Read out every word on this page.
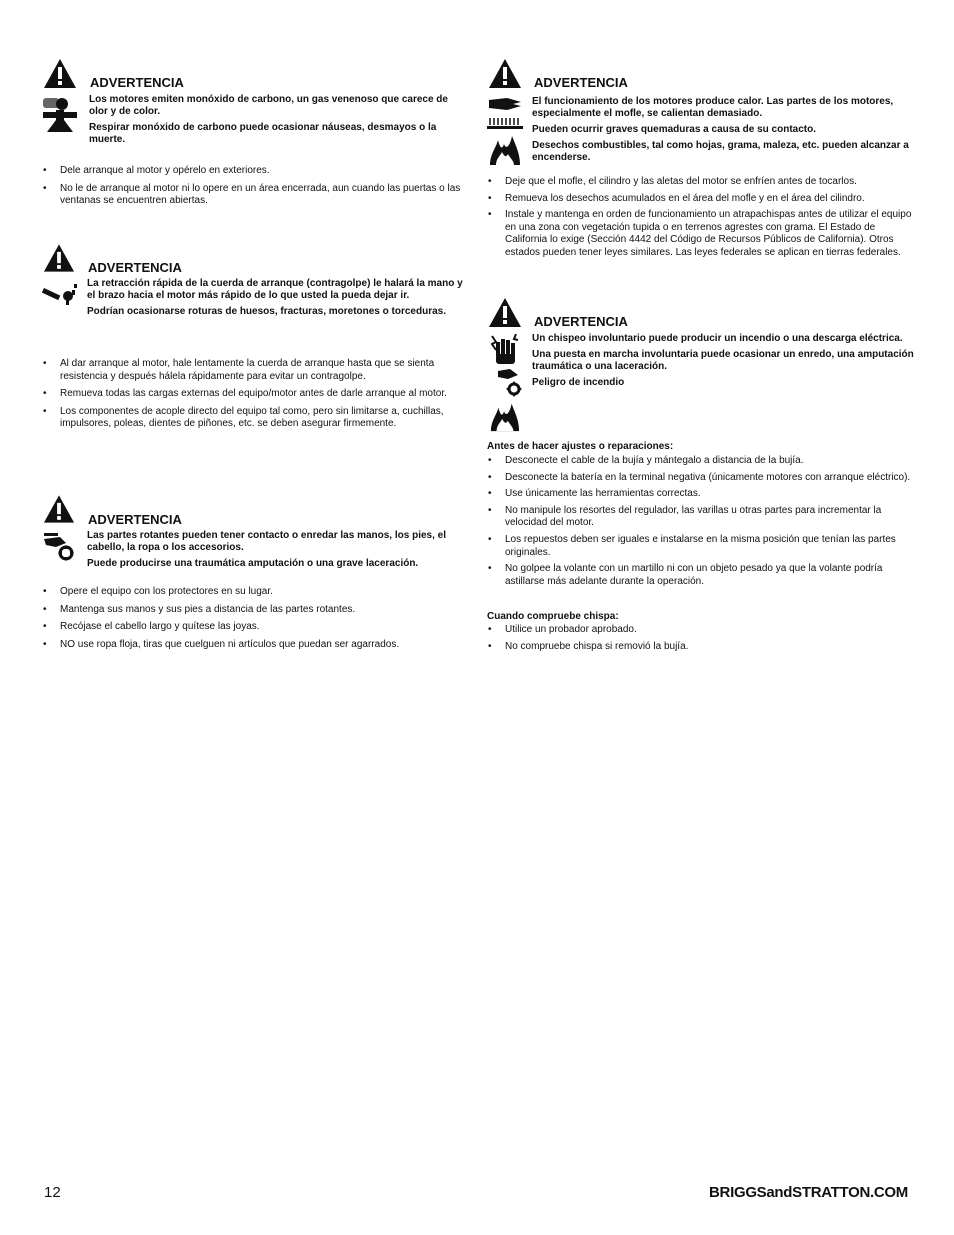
ADVERTENCIA

Los motores emiten monóxido de carbono, un gas venenoso que carece de olor y de color.

Respirar monóxido de carbono puede ocasionar náuseas, desmayos o la muerte.

• Dele arranque al motor y opérelo en exteriores.
• No le de arranque al motor ni lo opere en un área encerrada, aun cuando las puertas o las ventanas se encuentren abiertas.
ADVERTENCIA

La retracción rápida de la cuerda de arranque (contragolpe) le halará la mano y el brazo hacia el motor más rápido de lo que usted la pueda dejar ir.

Podrían ocasionarse roturas de huesos, fracturas, moretones o torceduras.

• Al dar arranque al motor, hale lentamente la cuerda de arranque hasta que se sienta resistencia y después hálela rápidamente para evitar un contragolpe.
• Remueva todas las cargas externas del equipo/motor antes de darle arranque al motor.
• Los componentes de acople directo del equipo tal como, pero sin limitarse a, cuchillas, impulsores, poleas, dientes de piñones, etc. se deben asegurar firmemente.
ADVERTENCIA

Las partes rotantes pueden tener contacto o enredar las manos, los pies, el cabello, la ropa o los accesorios.

Puede producirse una traumática amputación o una grave laceración.

• Opere el equipo con los protectores en su lugar.
• Mantenga sus manos y sus pies a distancia de las partes rotantes.
• Recójase el cabello largo y quítese las joyas.
• NO use ropa floja, tiras que cuelguen ni artículos que puedan ser agarrados.
ADVERTENCIA

El funcionamiento de los motores produce calor. Las partes de los motores, especialmente el mofle, se calientan demasiado.

Pueden ocurrir graves quemaduras a causa de su contacto.

Desechos combustibles, tal como hojas, grama, maleza, etc. pueden alcanzar a encenderse.

• Deje que el mofle, el cilindro y las aletas del motor se enfríen antes de tocarlos.
• Remueva los desechos acumulados en el área del mofle y en el área del cilindro.
• Instale y mantenga en orden de funcionamiento un atrapachispas antes de utilizar el equipo en una zona con vegetación tupida o en terrenos agrestes con grama. El Estado de California lo exige (Sección 4442 del Código de Recursos Públicos de California). Otros estados pueden tener leyes similares. Las leyes federales se aplican en tierras federales.
ADVERTENCIA

Un chispeo involuntario puede producir un incendio o una descarga eléctrica.

Una puesta en marcha involuntaria puede ocasionar un enredo, una amputación traumática o una laceración.

Peligro de incendio

Antes de hacer ajustes o reparaciones:
• Desconecte el cable de la bujía y mántegalo a distancia de la bujía.
• Desconecte la batería en la terminal negativa (únicamente motores con arranque eléctrico).
• Use únicamente las herramientas correctas.
• No manipule los resortes del regulador, las varillas u otras partes para incrementar la velocidad del motor.
• Los repuestos deben ser iguales e instalarse en la misma posición que tenían las partes originales.
• No golpee la volante con un martillo ni con un objeto pesado ya que la volante podría astillarse más adelante durante la operación.
Cuando compruebe chispa:
• Utilice un probador aprobado.
• No compruebe chispa si removió la bujía.
12	BRIGGSandSTRATTON.COM
